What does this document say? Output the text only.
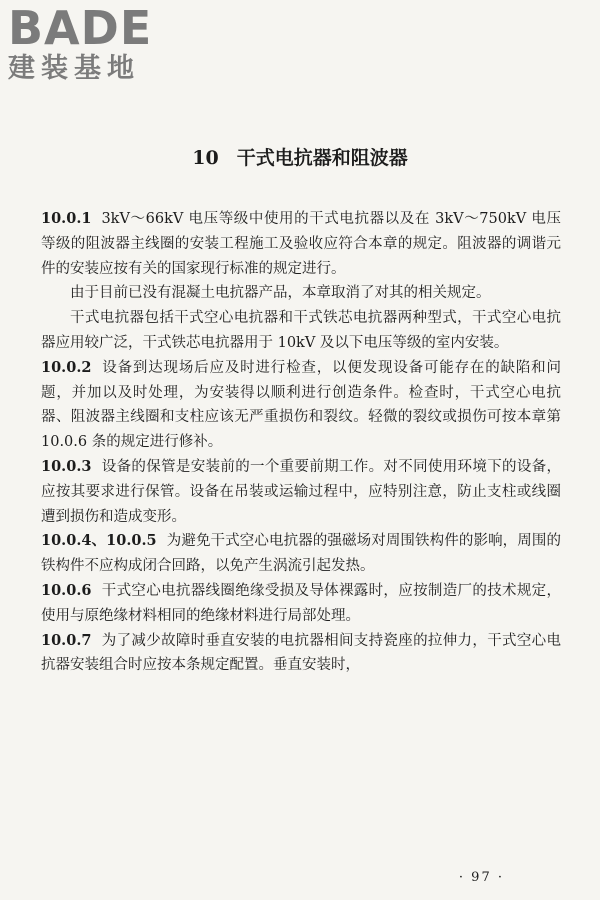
BADE
建装基地
10 干式电抗器和阻波器

10.0.1 3kV～66kV 电压等级中使用的干式电抗器以及在 3kV～750kV 电压等级的阻波器主线圈的安装工程施工及验收应符合本章的规定。阻波器的调谐元件的安装应按有关的国家现行标准的规定进行。

由于目前已没有混凝土电抗器产品，本章取消了对其的相关规定。

干式电抗器包括干式空心电抗器和干式铁芯电抗器两种型式，干式空心电抗器应用较广泛，干式铁芯电抗器用于 10kV 及以下电压等级的室内安装。

10.0.2 设备到达现场后应及时进行检查，以便发现设备可能存在的缺陷和问题，并加以及时处理，为安装得以顺利进行创造条件。检查时，干式空心电抗器、阻波器主线圈和支柱应该无严重损伤和裂纹。轻微的裂纹或损伤可按本章第 10.0.6 条的规定进行修补。

10.0.3 设备的保管是安装前的一个重要前期工作。对不同使用环境下的设备，应按其要求进行保管。设备在吊装或运输过程中，应特别注意，防止支柱或线圈遭到损伤和造成变形。

10.0.4、10.0.5 为避免干式空心电抗器的强磁场对周围铁构件的影响，周围的铁构件不应构成闭合回路，以免产生涡流引起发热。

10.0.6 干式空心电抗器线圈绝缘受损及导体裸露时，应按制造厂的技术规定，使用与原绝缘材料相同的绝缘材料进行局部处理。

10.0.7 为了减少故障时垂直安装的电抗器相间支持瓷座的拉伸力，干式空心电抗器安装组合时应按本条规定配置。垂直安装时，

· 97 ·
